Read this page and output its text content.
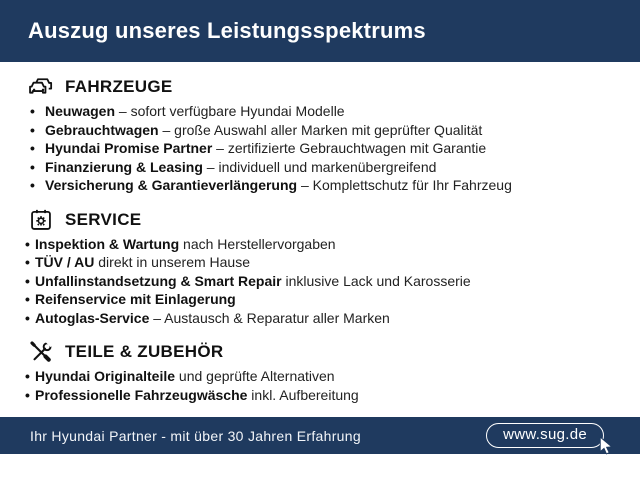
Auszug unseres Leistungsspektrums
FAHRZEUGE
• Neuwagen – sofort verfügbare Hyundai Modelle
• Gebrauchtwagen – große Auswahl aller Marken mit geprüfter Qualität
• Hyundai Promise Partner – zertifizierte Gebrauchtwagen mit Garantie
• Finanzierung & Leasing – individuell und markenübergreifend
• Versicherung & Garantieverlängerung – Komplettschutz für Ihr Fahrzeug
SERVICE
• Inspektion & Wartung nach Herstellervorgaben
• TÜV / AU direkt in unserem Hause
• Unfallinstandsetzung & Smart Repair inklusive Lack und Karosserie
• Reifenservice mit Einlagerung
• Autoglas-Service – Austausch & Reparatur aller Marken
TEILE & ZUBEHÖR
• Hyundai Originalteile und geprüfte Alternativen
• Professionelle Fahrzeugwäsche inkl. Aufbereitung
Ihr Hyundai Partner - mit über 30 Jahren Erfahrung	www.sug.de
